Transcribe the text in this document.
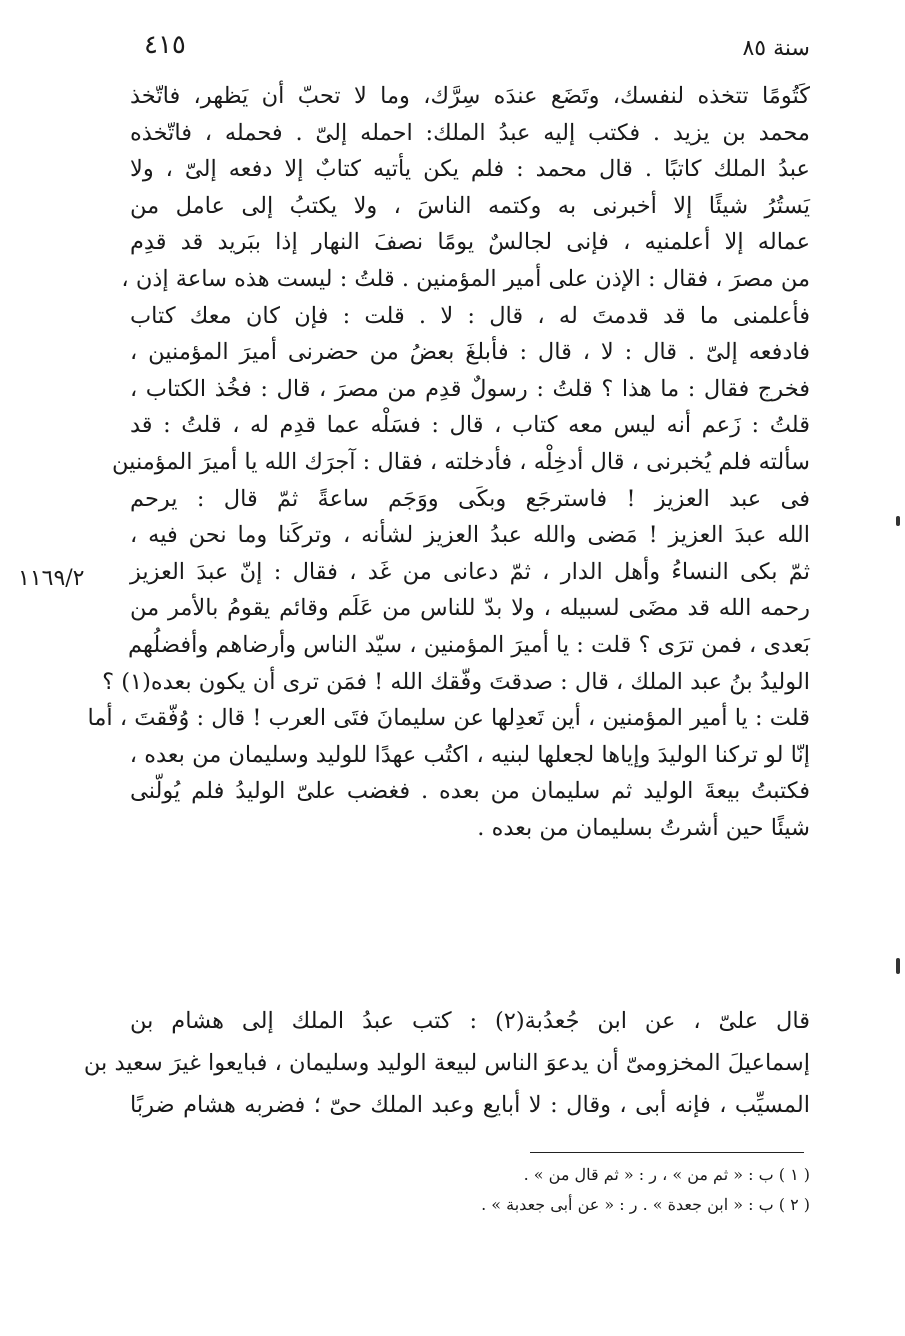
٤١٥	سنة ٨٥
كَتُومًا تتخذه لنفسك، وتَضَع عندَه سِرَّك، وما لا تحبّ أن يَظهر، فاتّخذ
محمد بن يزيد . فكتب إليه عبدُ الملك: احمله إلىّ . فحمله ، فاتّخذه
عبدُ الملك كاتبًا . قال محمد : فلم يكن يأتيه كتابٌ إلا دفعه إلىّ ، ولا
يَستُرُ شيئًا إلا أخبرنى به وكتمه الناسَ ، ولا يكتبُ إلى عامل من
عماله إلا أعلمنيه ، فإنى لجالسٌ يومًا نصفَ النهار إذا ببَريد قد قدِم
من مصرَ ، فقال : الإذن على أمير المؤمنين . قلتُ : ليست هذه ساعة إذن ،
فأعلمنى ما قد قدمتَ له ، قال : لا . قلت : فإن كان معك كتاب
فادفعه إلىّ . قال : لا ، قال : فأبلغَ بعضُ من حضرنى أميرَ المؤمنين ،
فخرج فقال : ما هذا ؟ قلتُ : رسولٌ قدِم من مصرَ ، قال : فخُذ الكتاب ،
قلتُ : زَعم أنه ليس معه كتاب ، قال : فسَلْه عما قدِم له ، قلتُ : قد
سألته فلم يُخبرنى ، قال أدخِلْه ، فأدخلته ، فقال : آجرَك الله يا أميرَ المؤمنين
فى عبد العزيز ! فاسترجَع وبكَى ووَجَم ساعةً ثمّ قال : يرحم
الله عبدَ العزيز ! مَضى والله عبدُ العزيز لشأنه ، وتركَنا وما نحن فيه ،
ثمّ بكى النساءُ وأهل الدار ، ثمّ دعانى من غَد ، فقال : إنّ عبدَ العزيز
رحمه الله قد مضَى لسبيله ، ولا بدّ للناس من عَلَم وقائم يقومُ بالأمر من
بَعدى ، فمن ترَى ؟ قلت : يا أميرَ المؤمنين ، سيّد الناس وأرضاهم وأفضلُهم
الوليدُ بنُ عبد الملك ، قال : صدقتَ وفّقك الله ! فمَن ترى أن يكون بعده(١) ؟
قلت : يا أمير المؤمنين ، أين تَعدِلها عن سليمانَ فتَى العرب ! قال : وُفّقتَ ، أما
إنّا لو تركنا الوليدَ وإياها لجعلها لبنيه ، اكتُب عهدًا للوليد وسليمان من بعده ،
فكتبتُ بيعةَ الوليد ثم سليمان من بعده . فغضب علىّ الوليدُ فلم يُولّنى
شيئًا حين أشرتُ بسليمان من بعده .
١١٦٩/٢
قال علىّ ، عن ابن جُعدُبة(٢) : كتب عبدُ الملك إلى هشام بن
إسماعيلَ المخزومىّ أن يدعوَ الناس لبيعة الوليد وسليمان ، فبايعوا غيرَ سعيد بن
المسيِّب ، فإنه أبى ، وقال : لا أبايع وعبد الملك حىّ ؛ فضربه هشام ضربًا
( ١ ) ب : « ثم من » ، ر : « ثم قال من » .
( ٢ ) ب : « ابن جعدة » . ر : « عن أبى جعدبة » .
